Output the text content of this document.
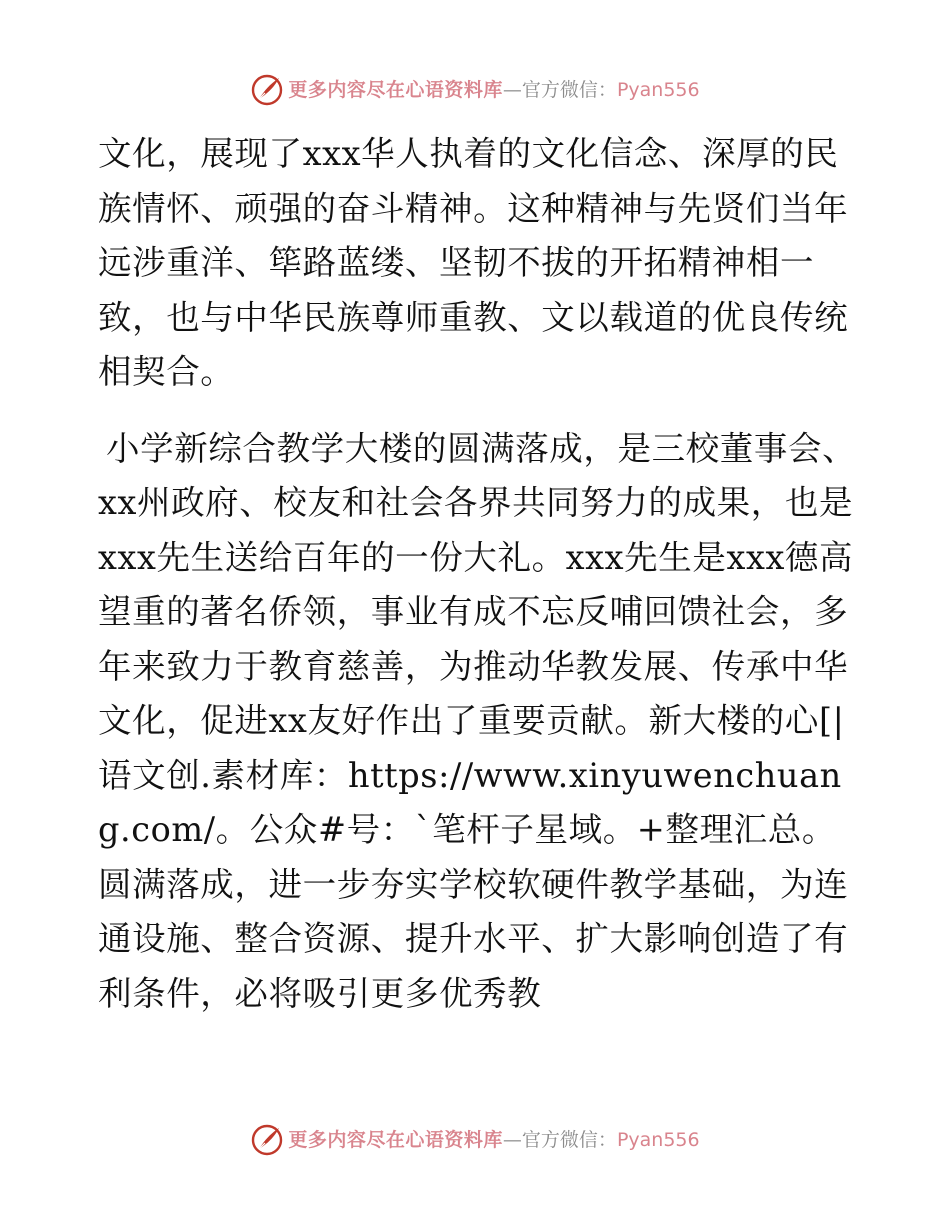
更多内容尽在心语资料库—官方微信：Pyan556

文化，展现了xxx华人执着的文化信念、深厚的民族情怀、顽强的奋斗精神。这种精神与先贤们当年远涉重洋、筚路蓝缕、坚韧不拔的开拓精神相一致，也与中华民族尊师重教、文以载道的优良传统相契合。

小学新综合教学大楼的圆满落成，是三校董事会、xx州政府、校友和社会各界共同努力的成果，也是xxx先生送给百年的一份大礼。xxx先生是xxx德高望重的著名侨领，事业有成不忘反哺回馈社会，多年来致力于教育慈善，为推动华教发展、传承中华文化，促进xx友好作出了重要贡献。新大楼的心[|语文创.素材库：https://www.xinyuwenchuang.com/。公众#号：`笔杆子星域。+整理汇总。圆满落成，进一步夯实学校软硬件教学基础，为连通设施、整合资源、提升水平、扩大影响创造了有利条件，必将吸引更多优秀教

更多内容尽在心语资料库—官方微信：Pyan556
